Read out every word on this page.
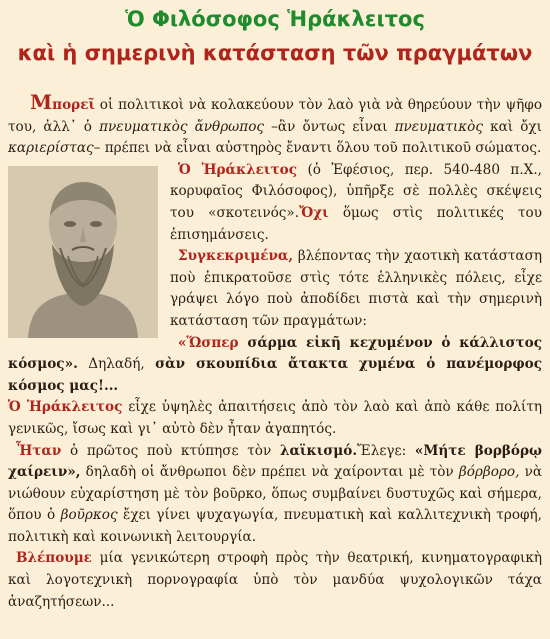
Ὁ Φιλόσοφος Ἡράκλειτος
καὶ ἡ σημερινὴ κατάσταση τῶν πραγμάτων

Μπορεῖ οἱ πολιτικοὶ νὰ κολακεύουν τὸν λαὸ γιὰ νὰ θηρεύουν τὴν ψῆφο του, ἀλλ᾿ ὁ πνευματικὸς ἄνθρωπος –ἂν ὄντως εἶναι πνευματικὸς καὶ ὄχι καριερίστας– πρέπει νὰ εἶναι αὐστηρὸς ἔναντι ὅλου τοῦ πολιτικοῦ σώματος.

Ὁ Ἡράκλειτος (ὁ Ἐφέσιος, περ. 540-480 π.Χ., κορυφαῖος Φιλόσοφος), ὑπῆρξε σὲ πολλὲς σκέψεις του «σκοτεινός».Ὄχι ὅμως στὶς πολιτικές του ἐπισημάνσεις.

Συγκεκριμένα, βλέποντας τὴν χαοτικὴ κατάσταση ποὺ ἐπικρατοῦσε στὶς τότε ἑλληνικὲς πόλεις, εἶχε γράψει λόγο ποὺ ἀποδίδει πιστὰ καὶ τὴν σημερινὴ κατάσταση τῶν πραγμάτων:

«Ὥσπερ σάρμα εἰκῆ κεχυμένον ὁ κάλλιστος κόσμος». Δηλαδή, σὰν σκουπίδια ἄτακτα χυμένα ὁ πανέμορφος κόσμος μας!...

Ὁ Ἡράκλειτος εἶχε ὑψηλὲς ἀπαιτήσεις ἀπὸ τὸν λαὸ καὶ ἀπὸ κάθε πολίτη γενικῶς, ἴσως καὶ γι᾿ αὐτὸ δὲν ἦταν ἀγαπητός.

Ἦταν ὁ πρῶτος ποὺ κτύπησε τὸν λαϊκισμό.Ἔλεγε: «Μήτε βορβόρῳ χαίρειν», δηλαδὴ οἱ ἄνθρωποι δὲν πρέπει νὰ χαίρονται μὲ τὸν βόρβορο, νὰ νιώθουν εὐχαρίστηση μὲ τὸν βοῦρκο, ὅπως συμβαίνει δυστυχῶς καὶ σήμερα, ὅπου ὁ βοῦρκος ἔχει γίνει ψυχαγωγία, πνευματικὴ καὶ καλλιτεχνικὴ τροφή, πολιτικὴ καὶ κοινωνικὴ λειτουργία.

Βλέπουμε μία γενικώτερη στροφὴ πρὸς τὴν θεατρική, κινηματογραφικὴ καὶ λογοτεχνικὴ πορνογραφία ὑπὸ τὸν μανδύα ψυχολογικῶν τάχα ἀναζητήσεων...
